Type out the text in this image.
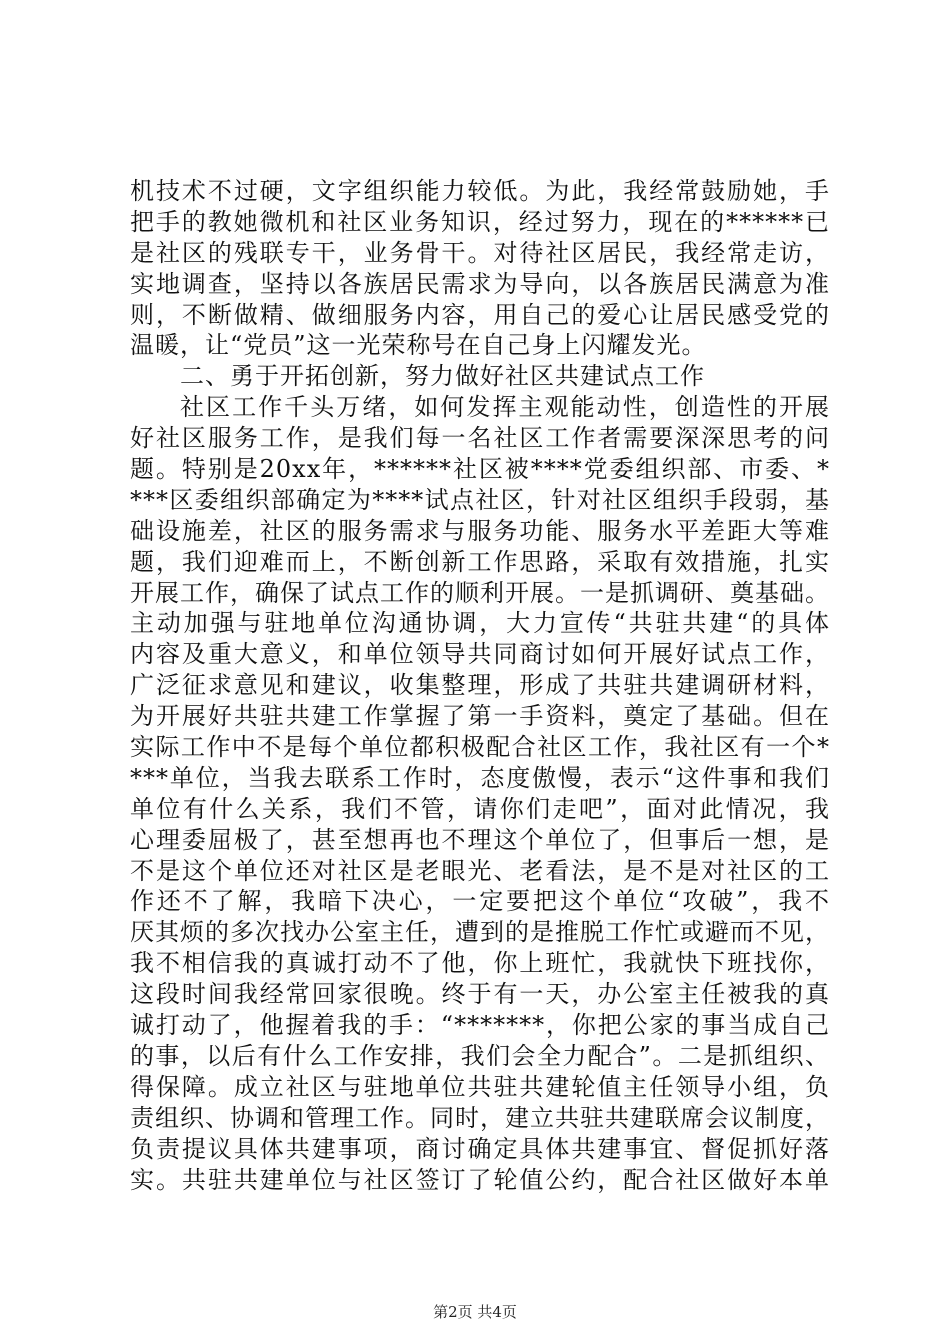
机技术不过硬，文字组织能力较低。为此，我经常鼓励她，手
把手的教她微机和社区业务知识，经过努力，现在的******已
是社区的残联专干，业务骨干。对待社区居民，我经常走访，
实地调查，坚持以各族居民需求为导向，以各族居民满意为准
则，不断做精、做细服务内容，用自己的爱心让居民感受党的
温暖，让“党员”这一光荣称号在自己身上闪耀发光。
二、勇于开拓创新，努力做好社区共建试点工作
社区工作千头万绪，如何发挥主观能动性，创造性的开展
好社区服务工作，是我们每一名社区工作者需要深深思考的问
题。特别是20xx年，******社区被****党委组织部、市委、*
***区委组织部确定为****试点社区，针对社区组织手段弱，基
础设施差，社区的服务需求与服务功能、服务水平差距大等难
题，我们迎难而上，不断创新工作思路，采取有效措施，扎实
开展工作，确保了试点工作的顺利开展。一是抓调研、奠基础。
主动加强与驻地单位沟通协调，大力宣传“共驻共建“的具体
内容及重大意义，和单位领导共同商讨如何开展好试点工作，
广泛征求意见和建议，收集整理，形成了共驻共建调研材料，
为开展好共驻共建工作掌握了第一手资料，奠定了基础。但在
实际工作中不是每个单位都积极配合社区工作，我社区有一个*
***单位，当我去联系工作时，态度傲慢，表示“这件事和我们
单位有什么关系，我们不管，请你们走吧”，面对此情况，我
心理委屈极了，甚至想再也不理这个单位了，但事后一想，是
不是这个单位还对社区是老眼光、老看法，是不是对社区的工
作还不了解，我暗下决心，一定要把这个单位“攻破”，我不
厌其烦的多次找办公室主任，遭到的是推脱工作忙或避而不见，
我不相信我的真诚打动不了他，你上班忙，我就快下班找你，
这段时间我经常回家很晚。终于有一天，办公室主任被我的真
诚打动了，他握着我的手：“*******，你把公家的事当成自己
的事，以后有什么工作安排，我们会全力配合”。二是抓组织、
得保障。成立社区与驻地单位共驻共建轮值主任领导小组，负
责组织、协调和管理工作。同时，建立共驻共建联席会议制度，
负责提议具体共建事项，商讨确定具体共建事宜、督促抓好落
实。共驻共建单位与社区签订了轮值公约，配合社区做好本单
第2页 共4页
